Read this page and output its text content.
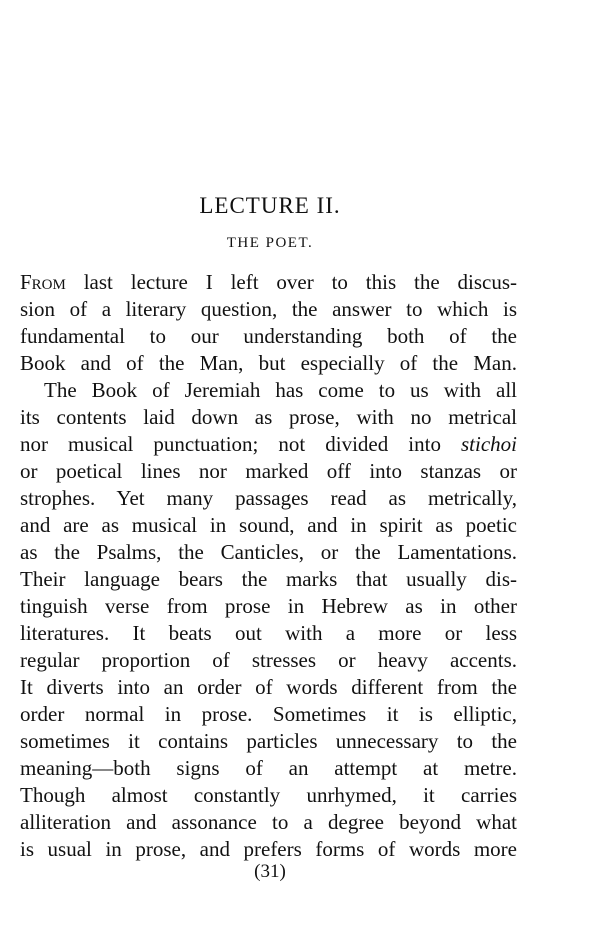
LECTURE II.
THE POET.
From last lecture I left over to this the discus-
sion of a literary question, the answer to which is
fundamental to our understanding both of the
Book and of the Man, but especially of the Man.
The Book of Jeremiah has come to us with all
its contents laid down as prose, with no metrical
nor musical punctuation; not divided into stichoi
or poetical lines nor marked off into stanzas or
strophes. Yet many passages read as metrically,
and are as musical in sound, and in spirit as poetic
as the Psalms, the Canticles, or the Lamentations.
Their language bears the marks that usually dis-
tinguish verse from prose in Hebrew as in other
literatures. It beats out with a more or less
regular proportion of stresses or heavy accents.
It diverts into an order of words different from the
order normal in prose. Sometimes it is elliptic,
sometimes it contains particles unnecessary to the
meaning—both signs of an attempt at metre.
Though almost constantly unrhymed, it carries
alliteration and assonance to a degree beyond what
is usual in prose, and prefers forms of words more
(31)
